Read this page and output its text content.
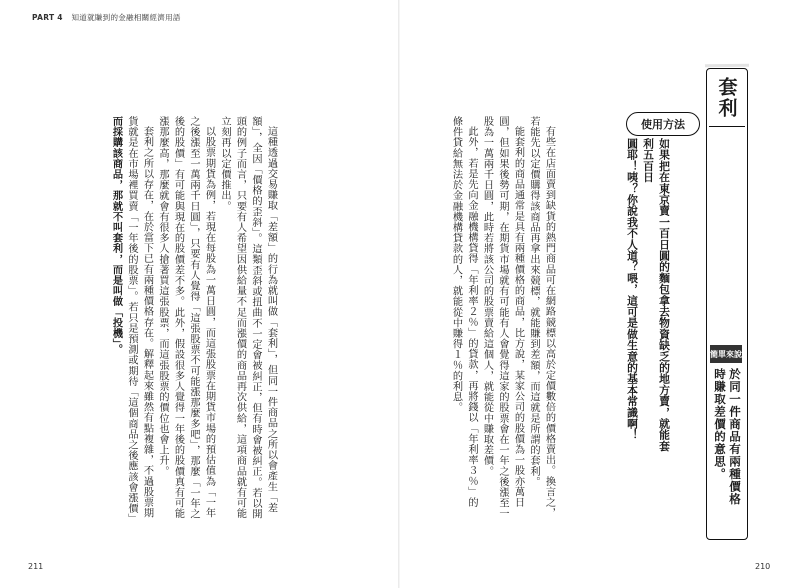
PART 4 知道就賺到的金融相關經濟用語
套利
使用方法

如果把在東京賣一百日圓的麵包拿去物資缺乏的地方賣，就能套利五百日

圓耶！咦？你說我不人道？喂，這可是做生意的基本常識啊！	簡單來說

於同一件商品有兩種價格

時賺取差價的意思。

有些在店面賣到缺貨的熱門商品可在網路競標以高於定價數倍的價格賣出。換言之，

若能先以定價購得該商品再拿出來競標，就能賺到差額，而這就是所謂的套利。

能套利的商品通常是具有兩種價格的商品，比方說，某家公司的股價為一股亦萬日

圓，但如果後勢可期，在期貨市場就有可能有人會覺得這家的股票會在一年之後漲至一

股為一萬兩千日圓，此時若將該公司的股票賣給這個人，就能從中賺取差價。

此外，若是先向金融機構貸得「年利率２％」的貸款，再將錢以「年利率３％」的

條件貸給無法於金融機構貸款的人，就能從中賺得１％的利息。

這種透過交易賺取「差額」的行為就叫做「套利」，但同一件商品之所以會產生「差

額」，全因「價格的歪斜」。這類歪斜或扭曲不一定會被糾正，但有時會被糾正。若以開

頭的例子而言，只要有人希望因供給量不足而漲價的商品再次供給，這項商品就有可能

立刻再以定價推出。

以股票期貨為例，若現在每股為一萬日圓，而這張股票在期貨市場的預估值為「一年

之後漲至一萬兩千日圓」，只要有人覺得「這張股票不可能漲那麼多吧」，那麼「一年之

後的股價」有可能與現在的股價差不多。此外，假設很多人覺得一年後的股價真有可能

漲那麼高，那麼就會有很多人搶著買這張股票，而這張股票的價位也會上升。

套利之所以存在，在於當下已有兩種價格存在。解釋起來雖然有點複雜，不過股票期

貨就是在市場裡買賣「一年後的股票」。若只是預測或期待「這個商品之後應該會漲價」

而採購該商品，那就不叫套利，而是叫做「投機」。

211	210
